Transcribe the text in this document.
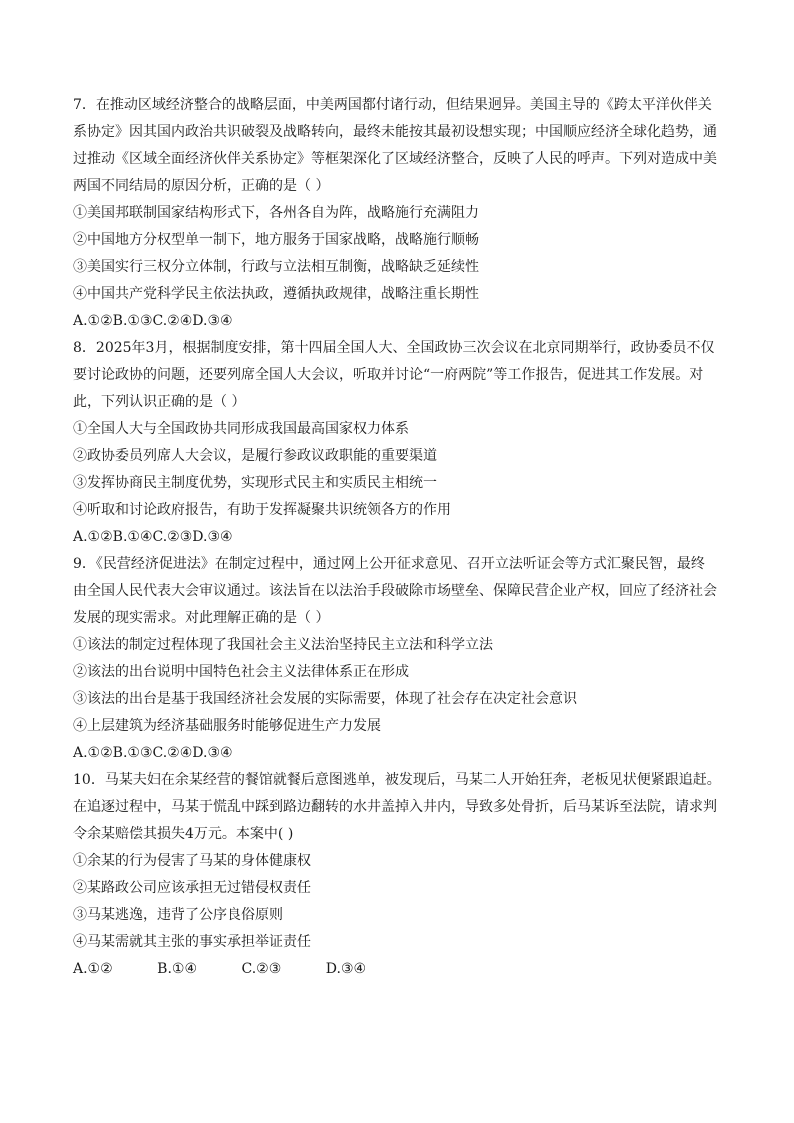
7．在推动区域经济整合的战略层面，中美两国都付诸行动，但结果迥异。美国主导的《跨太平洋伙伴关
系协定》因其国内政治共识破裂及战略转向，最终未能按其最初设想实现；中国顺应经济全球化趋势，通
过推动《区域全面经济伙伴关系协定》等框架深化了区域经济整合，反映了人民的呼声。下列对造成中美
两国不同结局的原因分析，正确的是（ ）
①美国邦联制国家结构形式下，各州各自为阵，战略施行充满阻力
②中国地方分权型单一制下，地方服务于国家战略，战略施行顺畅
③美国实行三权分立体制，行政与立法相互制衡，战略缺乏延续性
④中国共产党科学民主依法执政，遵循执政规律，战略注重长期性
A.①②B.①③C.②④D.③④
8．2025年3月，根据制度安排，第十四届全国人大、全国政协三次会议在北京同期举行，政协委员不仅
要讨论政协的问题，还要列席全国人大会议，听取并讨论“一府两院”等工作报告，促进其工作发展。对
此，下列认识正确的是（ ）
①全国人大与全国政协共同形成我国最高国家权力体系
②政协委员列席人大会议，是履行参政议政职能的重要渠道
③发挥协商民主制度优势，实现形式民主和实质民主相统一
④听取和讨论政府报告，有助于发挥凝聚共识统领各方的作用
A.①②B.①④C.②③D.③④
9．《民营经济促进法》在制定过程中，通过网上公开征求意见、召开立法听证会等方式汇聚民智，最终
由全国人民代表大会审议通过。该法旨在以法治手段破除市场壁垒、保障民营企业产权，回应了经济社会
发展的现实需求。对此理解正确的是（ ）
①该法的制定过程体现了我国社会主义法治坚持民主立法和科学立法
②该法的出台说明中国特色社会主义法律体系正在形成
③该法的出台是基于我国经济社会发展的实际需要，体现了社会存在决定社会意识
④上层建筑为经济基础服务时能够促进生产力发展
A.①②B.①③C.②④D.③④
10．马某夫妇在余某经营的餐馆就餐后意图逃单，被发现后，马某二人开始狂奔，老板见状便紧跟追赶。
在追逐过程中，马某于慌乱中踩到路边翻转的水井盖掉入井内，导致多处骨折，后马某诉至法院，请求判
令余某赔偿其损失4万元。本案中( )
①余某的行为侵害了马某的身体健康权
②某路政公司应该承担无过错侵权责任
③马某逃逸，违背了公序良俗原则
④马某需就其主张的事实承担举证责任
A.①②          B.①④          C.②③          D.③④
